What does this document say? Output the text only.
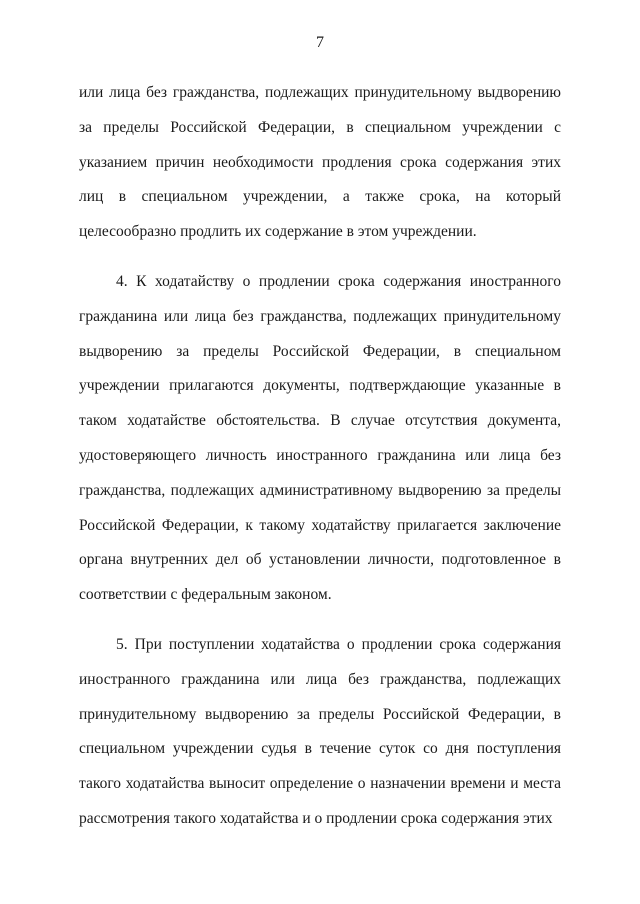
7

или лица без гражданства, подлежащих принудительному выдворению за пределы Российской Федерации, в специальном учреждении с указанием причин необходимости продления срока содержания этих лиц в специальном учреждении, а также срока, на который целесообразно продлить их содержание в этом учреждении.

4. К ходатайству о продлении срока содержания иностранного гражданина или лица без гражданства, подлежащих принудительному выдворению за пределы Российской Федерации, в специальном учреждении прилагаются документы, подтверждающие указанные в таком ходатайстве обстоятельства. В случае отсутствия документа, удостоверяющего личность иностранного гражданина или лица без гражданства, подлежащих административному выдворению за пределы Российской Федерации, к такому ходатайству прилагается заключение органа внутренних дел об установлении личности, подготовленное в соответствии с федеральным законом.

5. При поступлении ходатайства о продлении срока содержания иностранного гражданина или лица без гражданства, подлежащих принудительному выдворению за пределы Российской Федерации, в специальном учреждении судья в течение суток со дня поступления такого ходатайства выносит определение о назначении времени и места рассмотрения такого ходатайства и о продлении срока содержания этих
